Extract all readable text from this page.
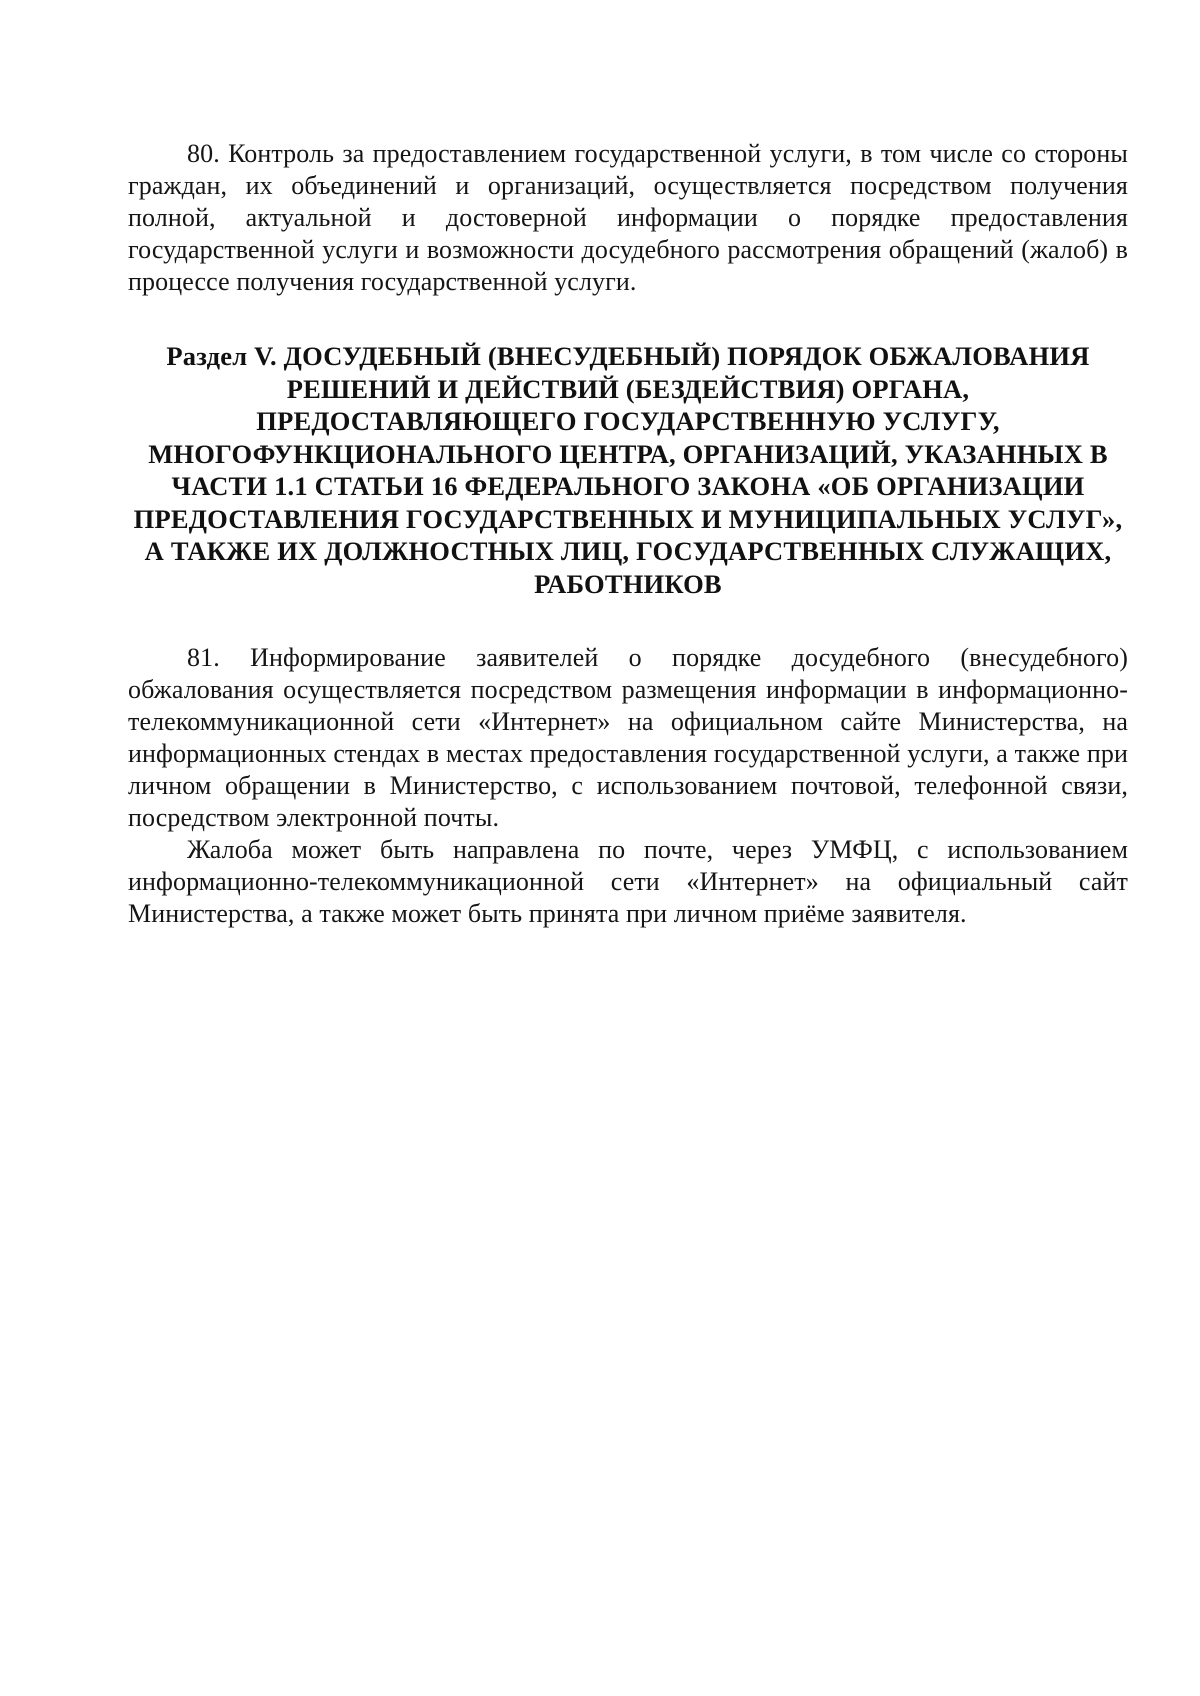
80. Контроль за предоставлением государственной услуги, в том числе со стороны граждан, их объединений и организаций, осуществляется посредством получения полной, актуальной и достоверной информации о порядке предоставления государственной услуги и возможности досудебного рассмотрения обращений (жалоб) в процессе получения государственной услуги.

Раздел V. ДОСУДЕБНЫЙ (ВНЕСУДЕБНЫЙ) ПОРЯДОК ОБЖАЛОВАНИЯ РЕШЕНИЙ И ДЕЙСТВИЙ (БЕЗДЕЙСТВИЯ) ОРГАНА, ПРЕДОСТАВЛЯЮЩЕГО ГОСУДАРСТВЕННУЮ УСЛУГУ, МНОГОФУНКЦИОНАЛЬНОГО ЦЕНТРА, ОРГАНИЗАЦИЙ, УКАЗАННЫХ В ЧАСТИ 1.1 СТАТЬИ 16 ФЕДЕРАЛЬНОГО ЗАКОНА «ОБ ОРГАНИЗАЦИИ ПРЕДОСТАВЛЕНИЯ ГОСУДАРСТВЕННЫХ И МУНИЦИПАЛЬНЫХ УСЛУГ», А ТАКЖЕ ИХ ДОЛЖНОСТНЫХ ЛИЦ, ГОСУДАРСТВЕННЫХ СЛУЖАЩИХ, РАБОТНИКОВ

81. Информирование заявителей о порядке досудебного (внесудебного) обжалования осуществляется посредством размещения информации в информационно-телекоммуникационной сети «Интернет» на официальном сайте Министерства, на информационных стендах в местах предоставления государственной услуги, а также при личном обращении в Министерство, с использованием почтовой, телефонной связи, посредством электронной почты.

Жалоба может быть направлена по почте, через УМФЦ, с использованием информационно-телекоммуникационной сети «Интернет» на официальный сайт Министерства, а также может быть принята при личном приёме заявителя.
